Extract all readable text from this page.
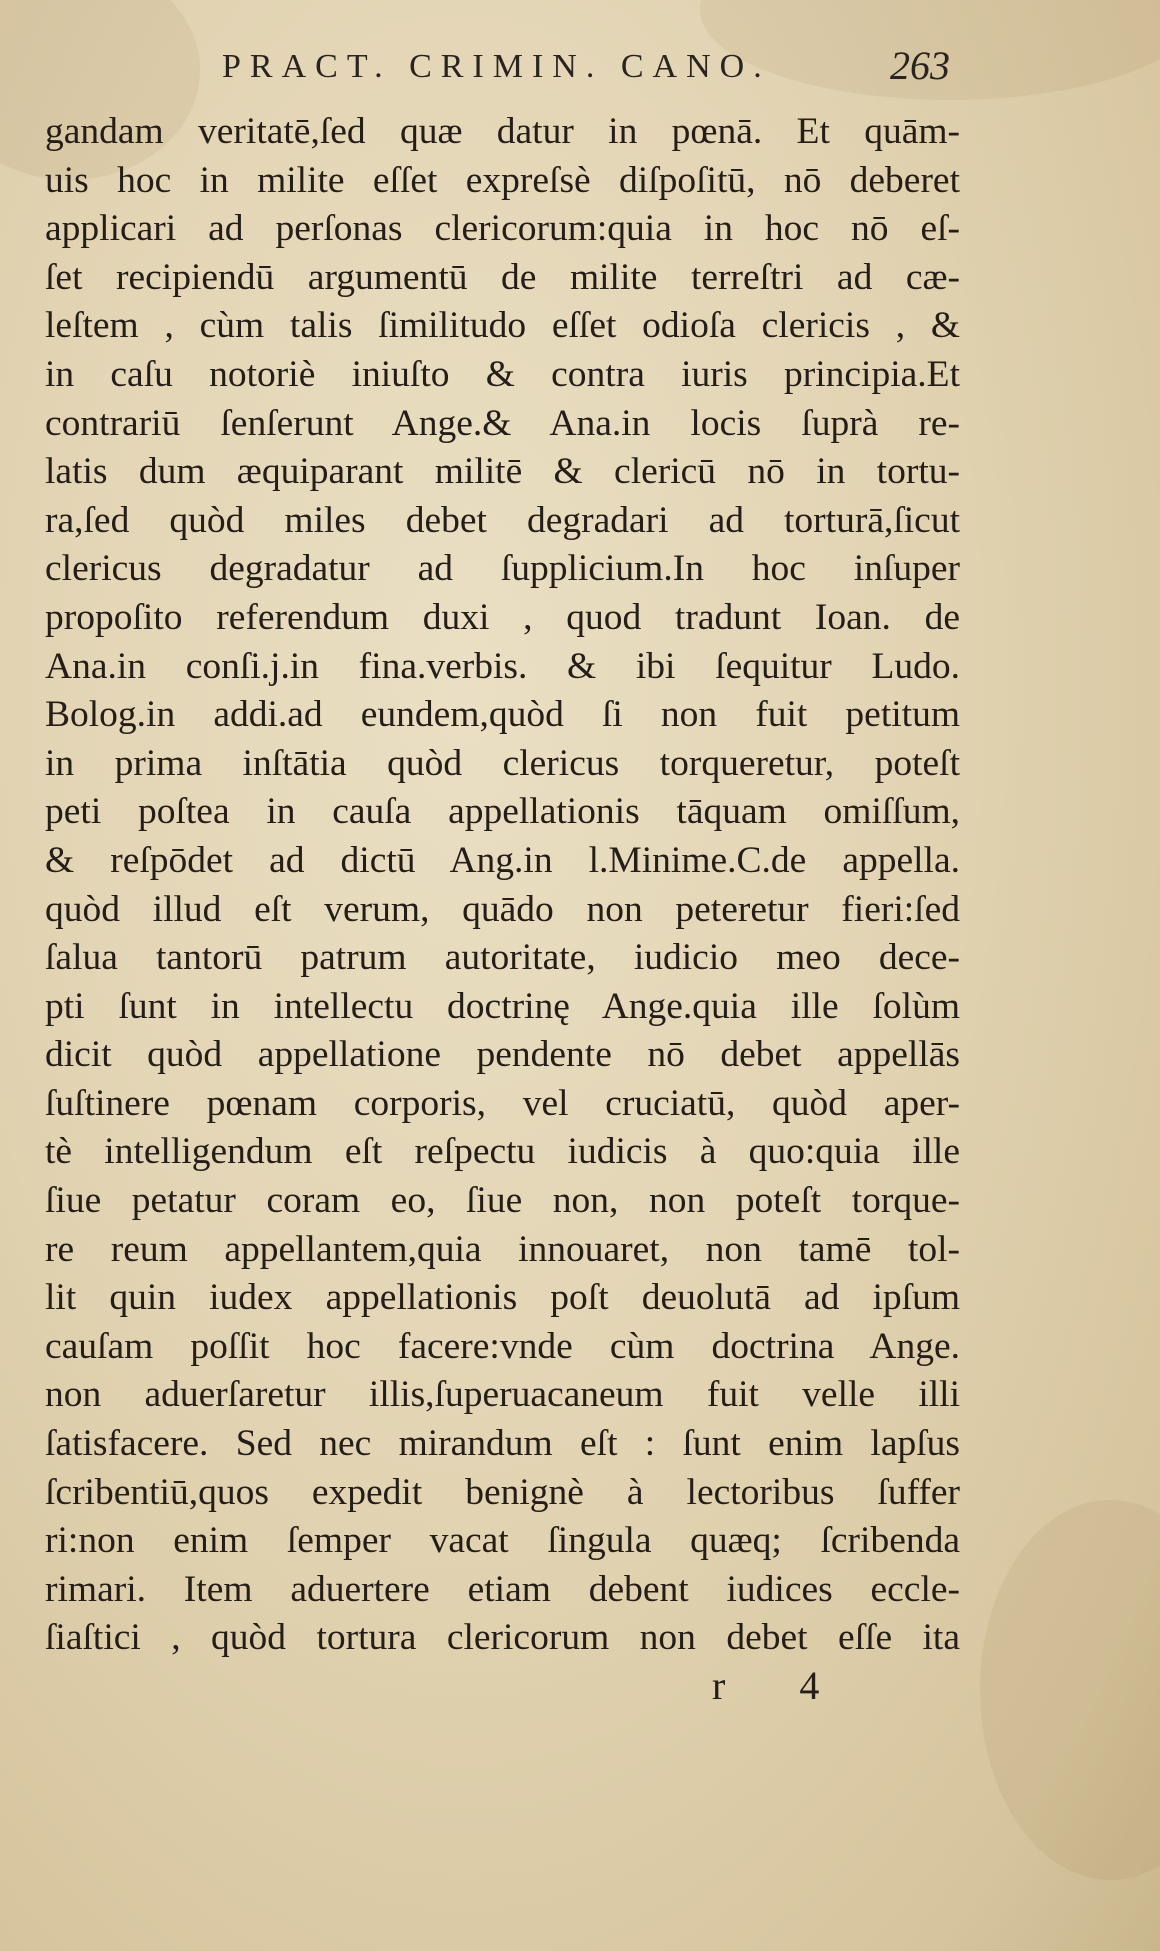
PRACT. CRIMIN. CANO.	263
gandam veritatē,ſed quæ datur in pœnā. Et quām-
uis hoc in milite eſſet expreſsè diſpoſitū, nō deberet
applicari ad perſonas clericorum:quia in hoc nō eſ-
ſet recipiendū argumentū de milite terreſtri ad cæ-
leſtem , cùm talis ſimilitudo eſſet odioſa clericis , &
in caſu notoriè iniuſto & contra iuris principia.Et
contrariū ſenſerunt Ange.& Ana.in locis ſuprà re-
latis dum æquiparant militē & clericū nō in tortu-
ra,ſed quòd miles debet degradari ad torturā,ſicut
clericus degradatur ad ſupplicium.In hoc inſuper
propoſito referendum duxi , quod tradunt Ioan. de
Ana.in conſi.j.in fina.verbis. & ibi ſequitur Ludo.
Bolog.in addi.ad eundem,quòd ſi non fuit petitum
in prima inſtātia quòd clericus torqueretur, poteſt
peti poſtea in cauſa appellationis tāquam omiſſum,
& reſpōdet ad dictū Ang.in l.Minime.C.de appella.
quòd illud eſt verum, quādo non peteretur fieri:ſed
ſalua tantorū patrum autoritate, iudicio meo dece-
pti ſunt in intellectu doctrinę Ange.quia ille ſolùm
dicit quòd appellatione pendente nō debet appellās
ſuſtinere pœnam corporis, vel cruciatū, quòd aper-
tè intelligendum eſt reſpectu iudicis à quo:quia ille
ſiue petatur coram eo, ſiue non, non poteſt torque-
re reum appellantem,quia innouaret, non tamē tol-
lit quin iudex appellationis poſt deuolutā ad ipſum
cauſam poſſit hoc facere:vnde cùm doctrina Ange.
non aduerſaretur illis,ſuperuacaneum fuit velle illi
ſatisfacere. Sed nec mirandum eſt : ſunt enim lapſus
ſcribentiū,quos expedit benignè à lectoribus ſuffer
ri:non enim ſemper vacat ſingula quæq; ſcribenda
rimari. Item aduertere etiam debent iudices eccle-
ſiaſtici , quòd tortura clericorum non debet eſſe ita
r 4
